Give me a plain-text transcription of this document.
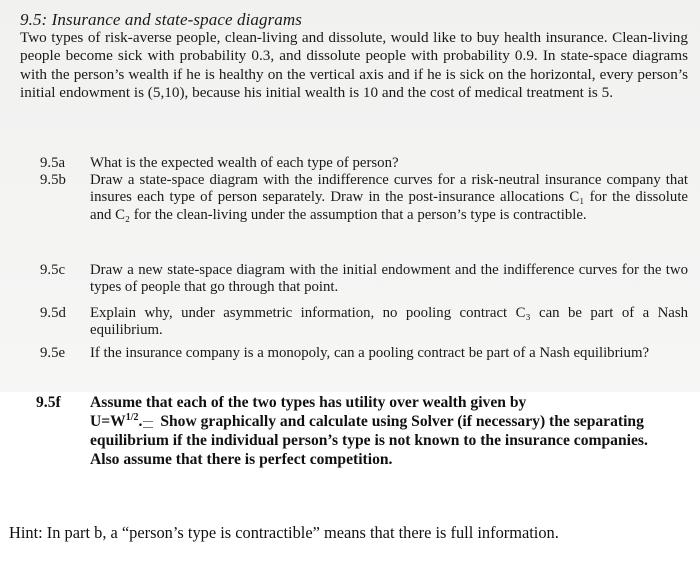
9.5: Insurance and state-space diagrams
Two types of risk-averse people, clean-living and dissolute, would like to buy health insurance. Clean-living people become sick with probability 0.3, and dissolute people with probability 0.9. In state-space diagrams with the person’s wealth if he is healthy on the vertical axis and if he is sick on the horizontal, every person’s initial endowment is (5,10), because his initial wealth is 10 and the cost of medical treatment is 5.
9.5a	What is the expected wealth of each type of person?
9.5b	Draw a state-space diagram with the indifference curves for a risk-neutral insurance company that insures each type of person separately. Draw in the post-insurance allocations C₁ for the dissolute and C₂ for the clean-living under the assumption that a person’s type is contractible.
9.5c	Draw a new state-space diagram with the initial endowment and the indifference curves for the two types of people that go through that point.
9.5d	Explain why, under asymmetric information, no pooling contract C₃ can be part of a Nash equilibrium.
9.5e	If the insurance company is a monopoly, can a pooling contract be part of a Nash equilibrium?
9.5f Assume that each of the two types has utility over wealth given by
$U=W^{1/2}$. Show graphically and calculate using Solver (if necessary) the separating equilibrium if the individual person’s type is not known to the insurance companies. Also assume that there is perfect competition.
Hint: In part b, a “person’s type is contractible” means that there is full information.
